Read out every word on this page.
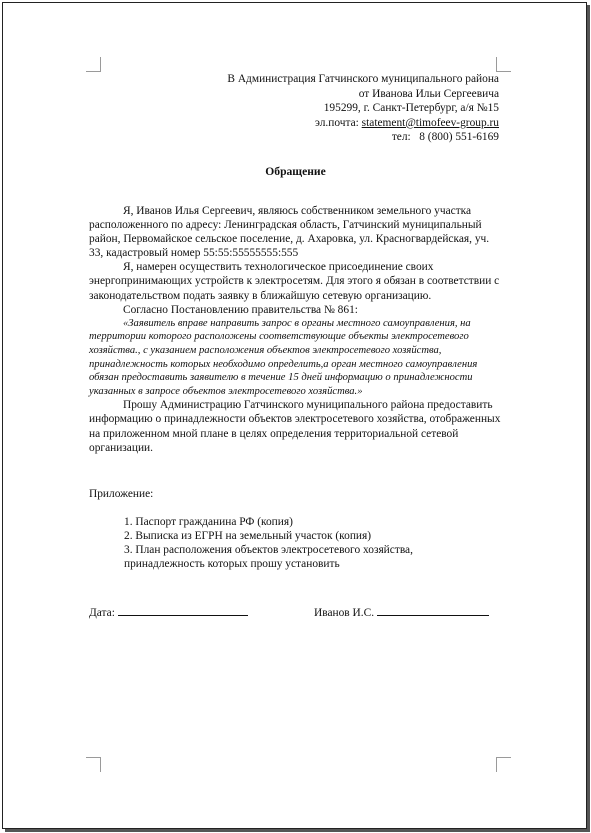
В Администрация Гатчинского муниципального района
от Иванова Ильи Сергеевича
195299, г. Санкт-Петербург, а/я №15
эл.почта: statement@timofeev-group.ru
тел: 8 (800) 551-6169
Обращение

Я, Иванов Илья Сергеевич, являюсь собственником земельного участка расположенного по адресу: Ленинградская область, Гатчинский муниципальный район, Первомайское сельское поселение, д. Ахаровка, ул. Красногвардейская, уч. 33, кадастровый номер 55:55:55555555:555

Я, намерен осуществить технологическое присоединение своих энергопринимающих устройств к электросетям. Для этого я обязан в соответствии с законодательством подать заявку в ближайшую сетевую организацию.

Согласно Постановлению правительства № 861:

«Заявитель вправе направить запрос в органы местного самоуправления, на территории которого расположены соответствующие объекты электросетевого хозяйства., с указанием расположения объектов электросетевого хозяйства, принадлежность которых необходимо определить,а орган местного самоуправления обязан предоставить заявителю в течение 15 дней информацию о принадлежности указанных в запросе объектов электросетевого хозяйства.»

Прошу Администрацию Гатчинского муниципального района предоставить информацию о принадлежности объектов электросетевого хозяйства, отображенных на приложенном мной плане в целях определения территориальной сетевой организации.

Приложение:
1. Паспорт гражданина РФ (копия)
2. Выписка из ЕГРН на земельный участок (копия)
3. План расположения объектов электросетевого хозяйства, принадлежность которых прошу установить
Дата:	Иванов И.С.
